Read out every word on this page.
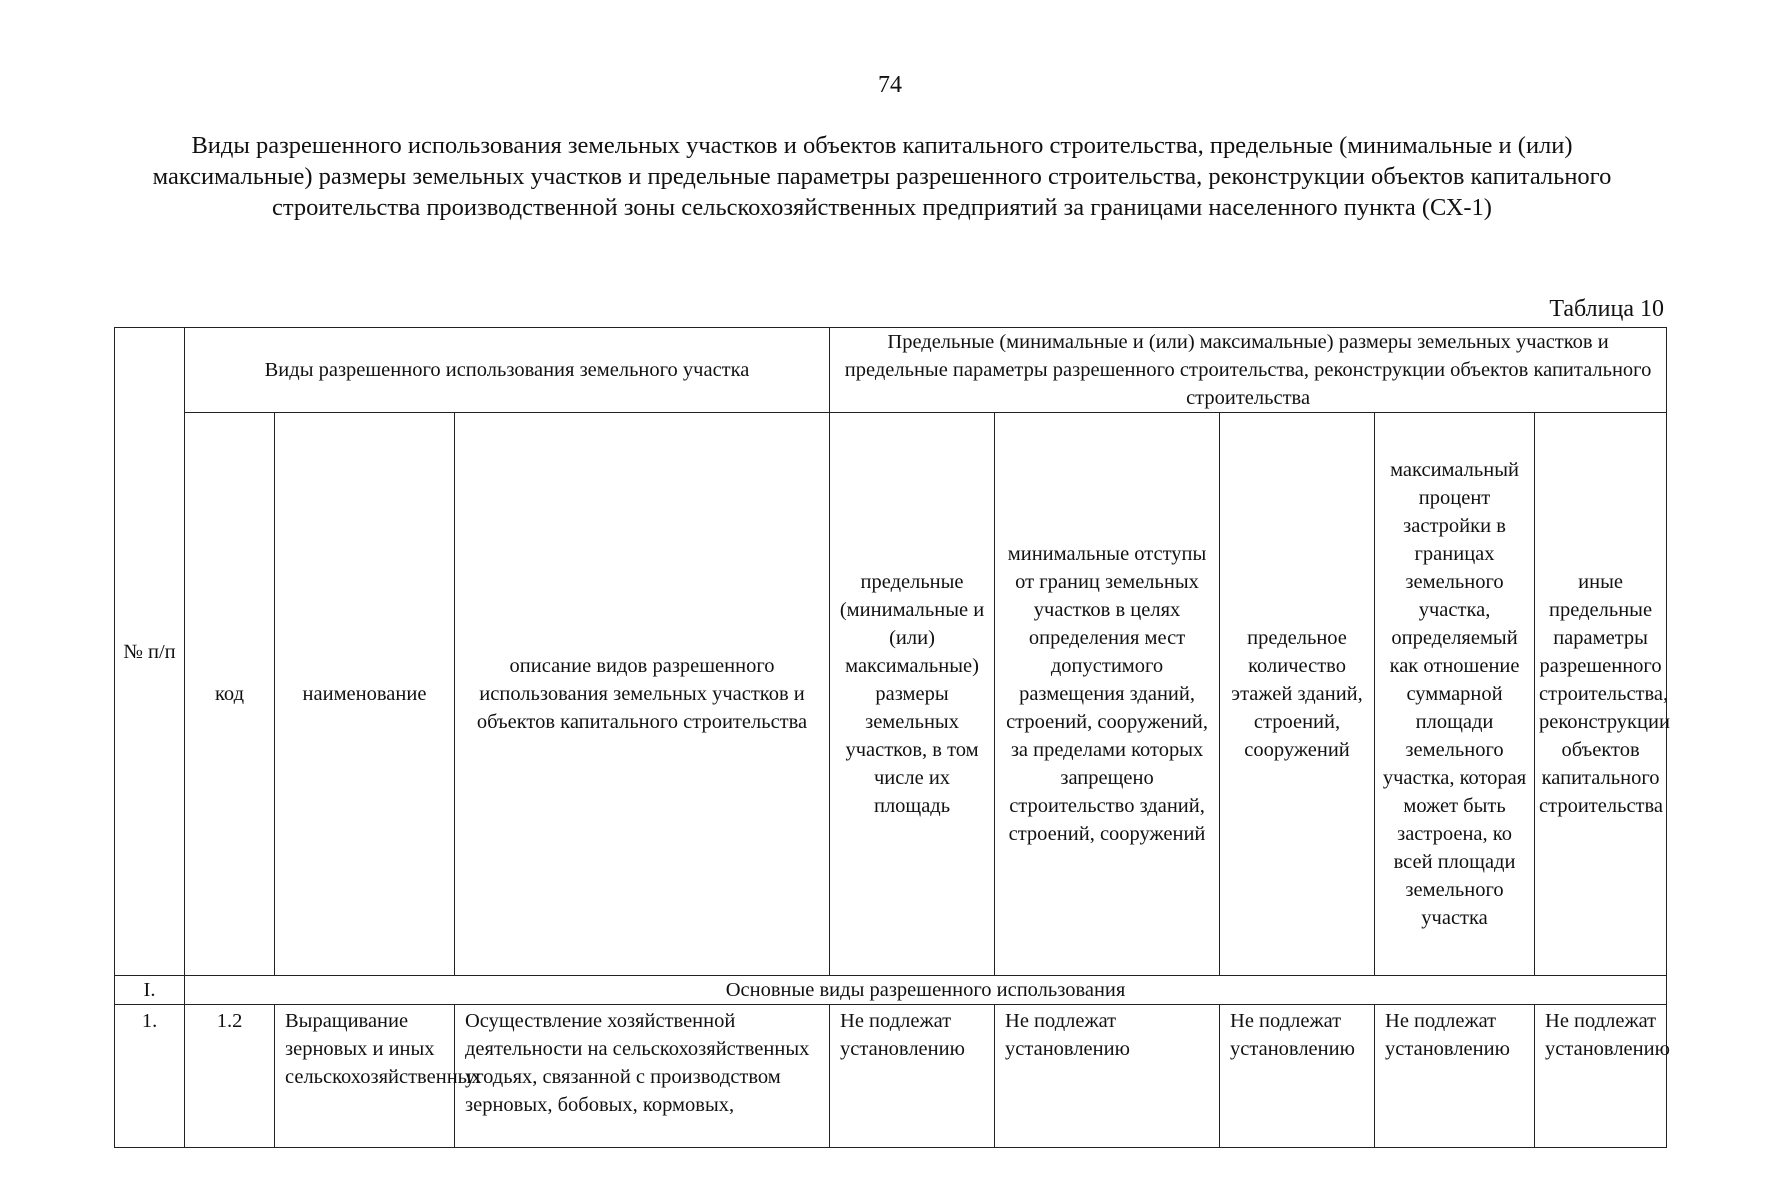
74
Виды разрешенного использования земельных участков и объектов капитального строительства, предельные (минимальные и (или) максимальные) размеры земельных участков и предельные параметры разрешенного строительства, реконструкции объектов капитального строительства производственной зоны сельскохозяйственных предприятий за границами населенного пункта (СХ-1)
Таблица 10
№ п/п	Виды разрешенного использования земельного участка			Предельные (минимальные и (или) максимальные) размеры земельных участков и предельные параметры разрешенного строительства, реконструкции объектов капитального строительства				
	код	наименование	описание видов разрешенного использования земельных участков и объектов капитального строительства	предельные (минимальные и (или) максимальные) размеры земельных участков, в том числе их площадь	минимальные отступы от границ земельных участков в целях определения мест допустимого размещения зданий, строений, сооружений, за пределами которых запрещено строительство зданий, строений, сооружений	предельное количество этажей зданий, строений, сооружений	максимальный процент застройки в границах земельного участка, определяемый как отношение суммарной площади земельного участка, которая может быть застроена, ко всей площади земельного участка	иные предельные параметры разрешенного строительства, реконструкции объектов капитального строительства
I.	Основные виды разрешенного использования							

1.	1.2	Выращивание зерновых и иных сельскохозяйственных	Осуществление хозяйственной деятельности на сельскохозяйственных угодьях, связанной с производством зерновых, бобовых, кормовых,	Не подлежат установлению	Не подлежат установлению	Не подлежат установлению	Не подлежат установлению	Не подлежат установлению
